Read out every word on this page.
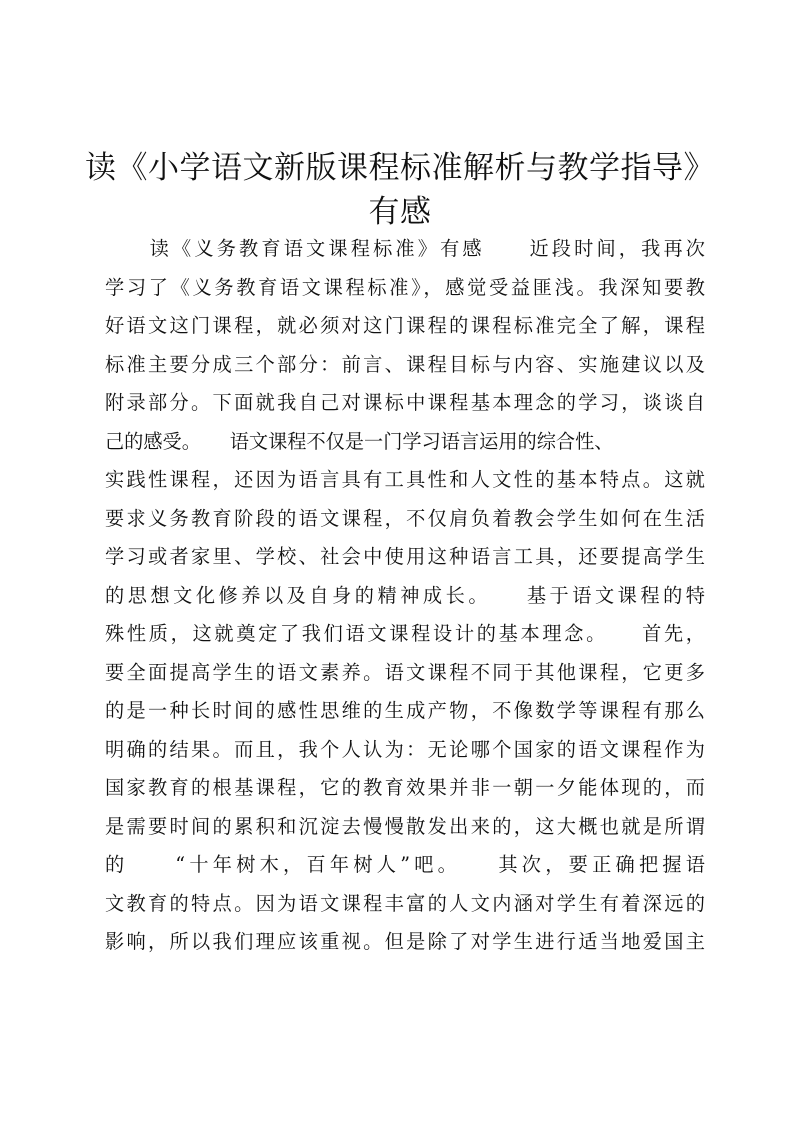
读《小学语文新版课程标准解析与教学指导》
有感
　　读《义务教育语文课程标准》有感　　近段时间，我再次
学习了《义务教育语文课程标准》，感觉受益匪浅。我深知要教
好语文这门课程，就必须对这门课程的课程标准完全了解，课程
标准主要分成三个部分：前言、课程目标与内容、实施建议以及
附录部分。下面就我自己对课标中课程基本理念的学习，谈谈自
己的感受。　　语文课程不仅是一门学习语言运用的综合性、
实践性课程，还因为语言具有工具性和人文性的基本特点。这就
要求义务教育阶段的语文课程，不仅肩负着教会学生如何在生活
学习或者家里、学校、社会中使用这种语言工具，还要提高学生
的思想文化修养以及自身的精神成长。　　基于语文课程的特
殊性质，这就奠定了我们语文课程设计的基本理念。　　首先，
要全面提高学生的语文素养。语文课程不同于其他课程，它更多
的是一种长时间的感性思维的生成产物，不像数学等课程有那么
明确的结果。而且，我个人认为：无论哪个国家的语文课程作为
国家教育的根基课程，它的教育效果并非一朝一夕能体现的，而
是需要时间的累积和沉淀去慢慢散发出来的，这大概也就是所谓
的　　“十年树木，百年树人”吧。　　其次，要正确把握语
文教育的特点。因为语文课程丰富的人文内涵对学生有着深远的
影响，所以我们理应该重视。但是除了对学生进行适当地爱国主
